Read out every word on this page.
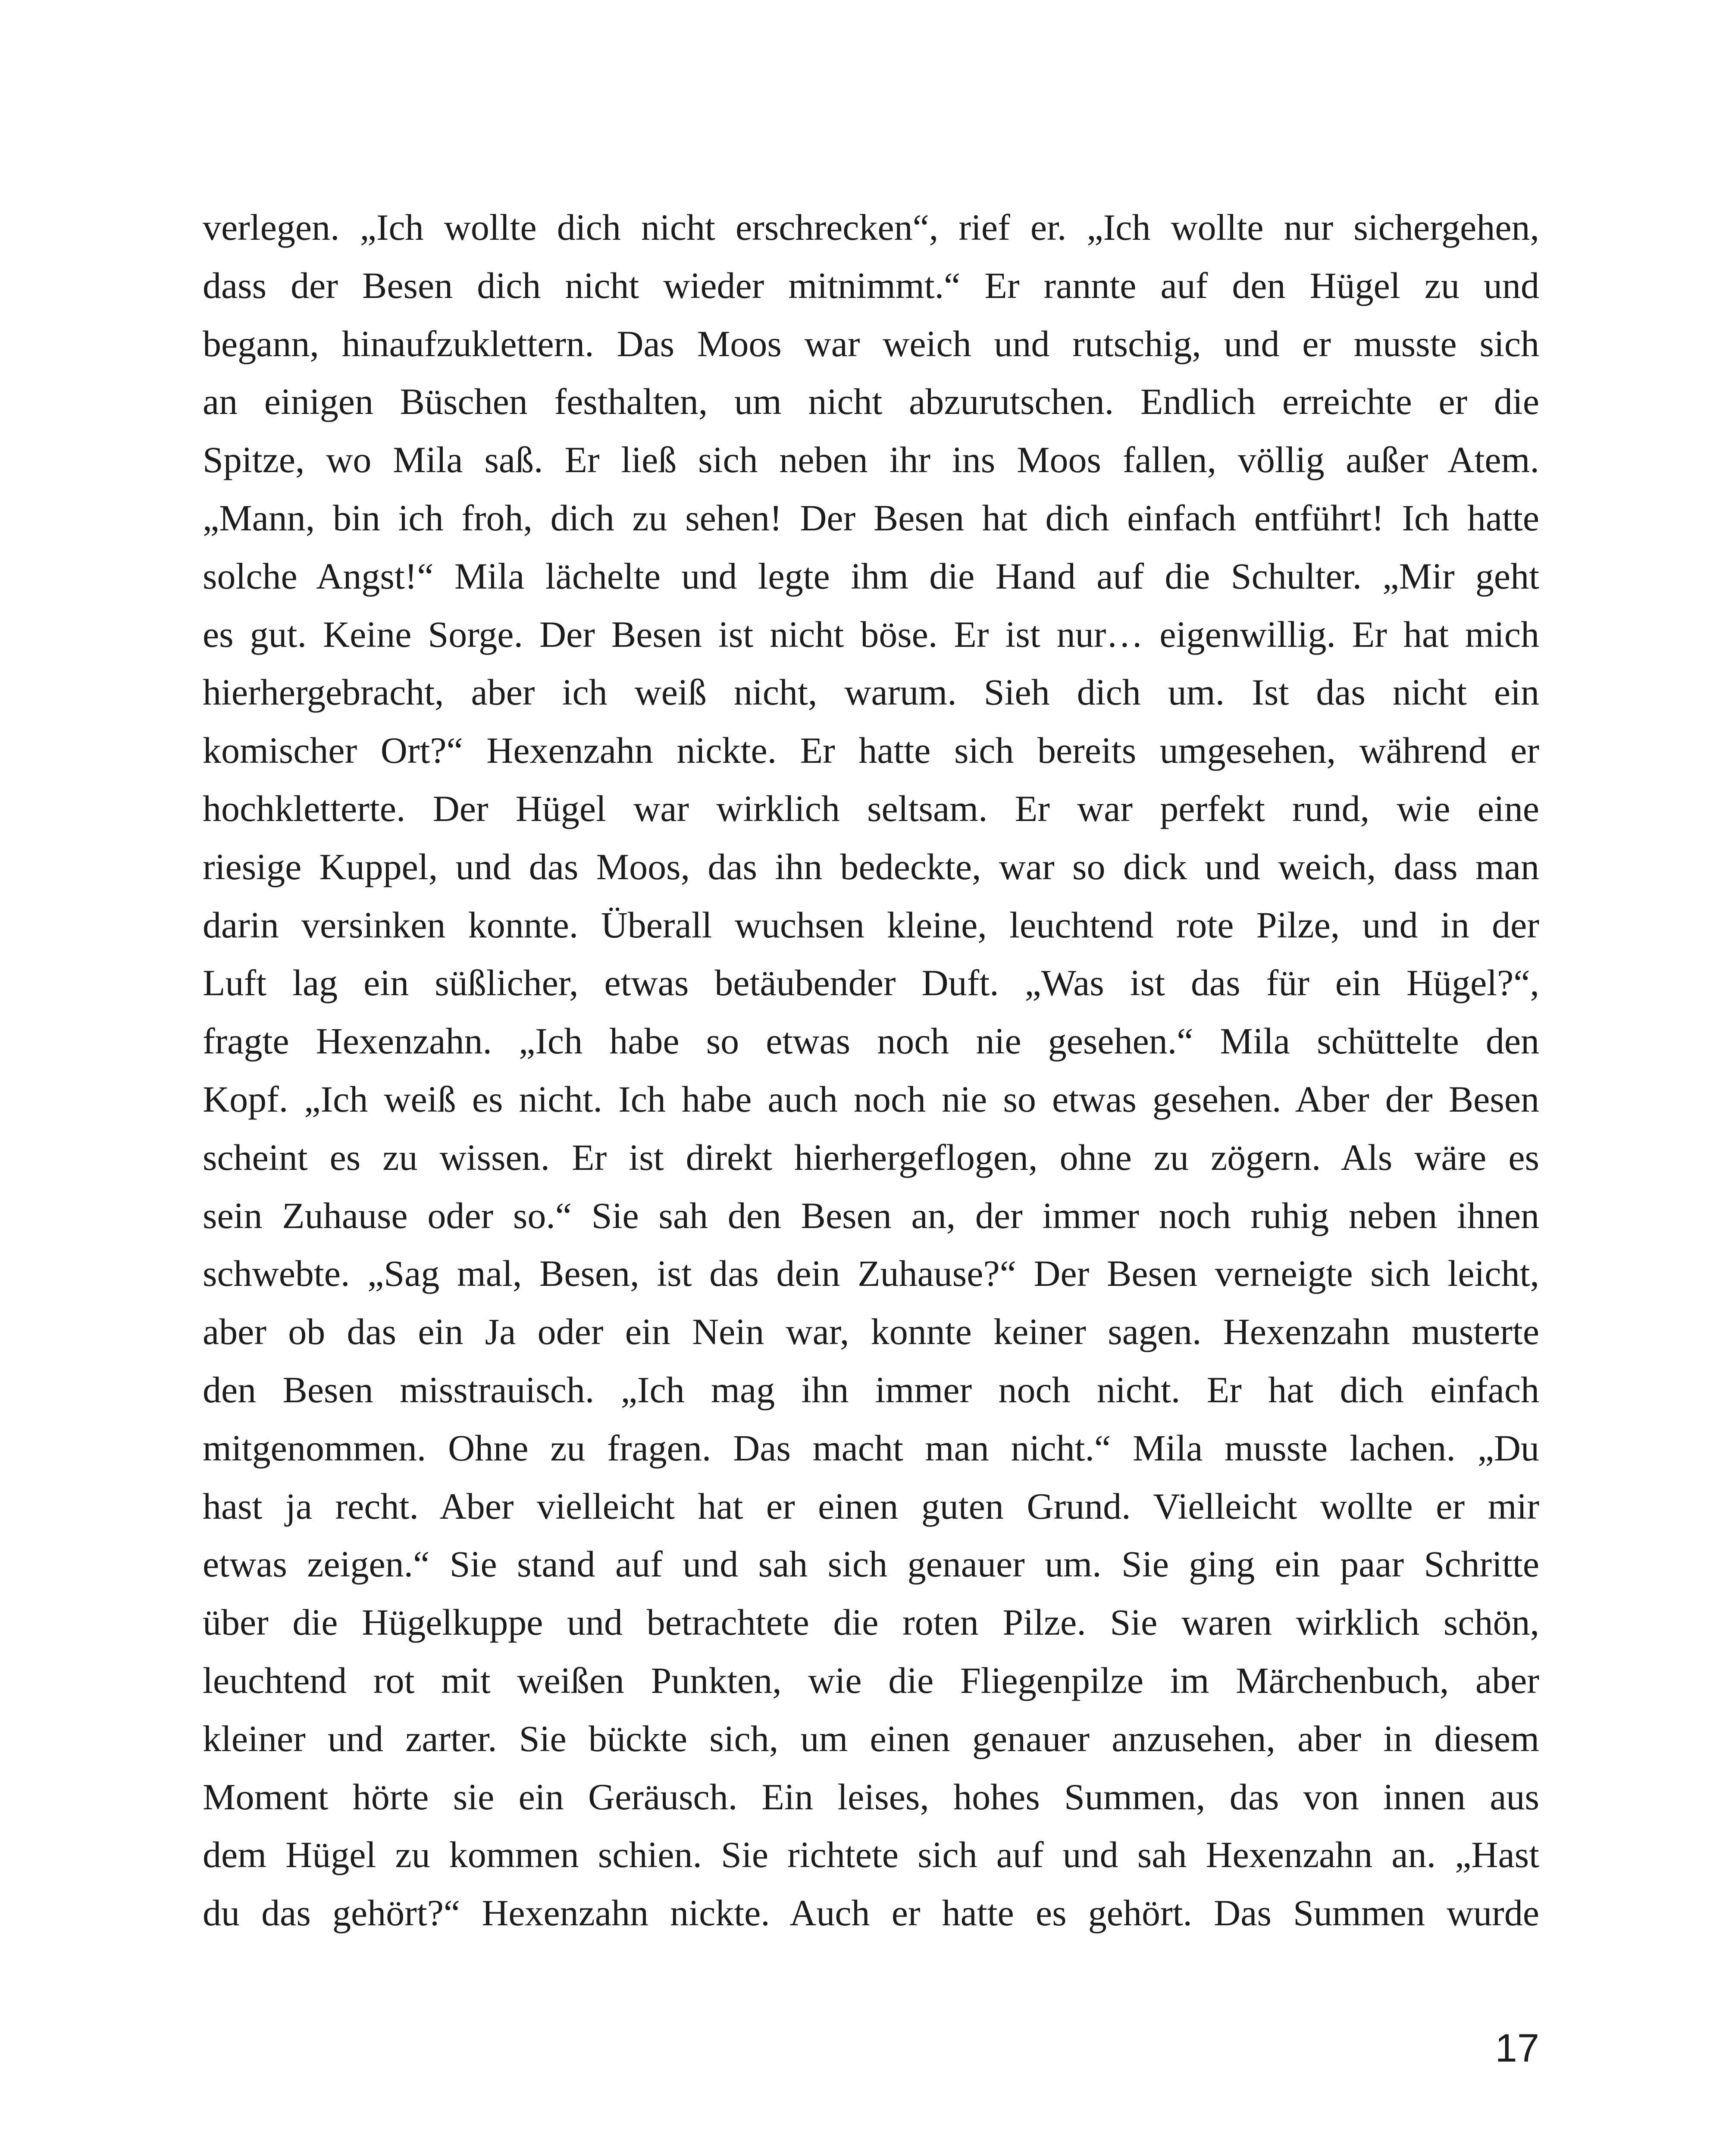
verlegen. „Ich wollte dich nicht erschrecken“, rief er. „Ich wollte nur sichergehen,
dass der Besen dich nicht wieder mitnimmt.“ Er rannte auf den Hügel zu und
begann, hinaufzuklettern. Das Moos war weich und rutschig, und er musste sich
an einigen Büschen festhalten, um nicht abzurutschen. Endlich erreichte er die
Spitze, wo Mila saß. Er ließ sich neben ihr ins Moos fallen, völlig außer Atem.
„Mann, bin ich froh, dich zu sehen! Der Besen hat dich einfach entführt! Ich hatte
solche Angst!“ Mila lächelte und legte ihm die Hand auf die Schulter. „Mir geht
es gut. Keine Sorge. Der Besen ist nicht böse. Er ist nur… eigenwillig. Er hat mich
hierhergebracht, aber ich weiß nicht, warum. Sieh dich um. Ist das nicht ein
komischer Ort?“ Hexenzahn nickte. Er hatte sich bereits umgesehen, während er
hochkletterte. Der Hügel war wirklich seltsam. Er war perfekt rund, wie eine
riesige Kuppel, und das Moos, das ihn bedeckte, war so dick und weich, dass man
darin versinken konnte. Überall wuchsen kleine, leuchtend rote Pilze, und in der
Luft lag ein süßlicher, etwas betäubender Duft. „Was ist das für ein Hügel?“,
fragte Hexenzahn. „Ich habe so etwas noch nie gesehen.“ Mila schüttelte den
Kopf. „Ich weiß es nicht. Ich habe auch noch nie so etwas gesehen. Aber der Besen
scheint es zu wissen. Er ist direkt hierhergeflogen, ohne zu zögern. Als wäre es
sein Zuhause oder so.“ Sie sah den Besen an, der immer noch ruhig neben ihnen
schwebte. „Sag mal, Besen, ist das dein Zuhause?“ Der Besen verneigte sich leicht,
aber ob das ein Ja oder ein Nein war, konnte keiner sagen. Hexenzahn musterte
den Besen misstrauisch. „Ich mag ihn immer noch nicht. Er hat dich einfach
mitgenommen. Ohne zu fragen. Das macht man nicht.“ Mila musste lachen. „Du
hast ja recht. Aber vielleicht hat er einen guten Grund. Vielleicht wollte er mir
etwas zeigen.“ Sie stand auf und sah sich genauer um. Sie ging ein paar Schritte
über die Hügelkuppe und betrachtete die roten Pilze. Sie waren wirklich schön,
leuchtend rot mit weißen Punkten, wie die Fliegenpilze im Märchenbuch, aber
kleiner und zarter. Sie bückte sich, um einen genauer anzusehen, aber in diesem
Moment hörte sie ein Geräusch. Ein leises, hohes Summen, das von innen aus
dem Hügel zu kommen schien. Sie richtete sich auf und sah Hexenzahn an. „Hast
du das gehört?“ Hexenzahn nickte. Auch er hatte es gehört. Das Summen wurde
17
